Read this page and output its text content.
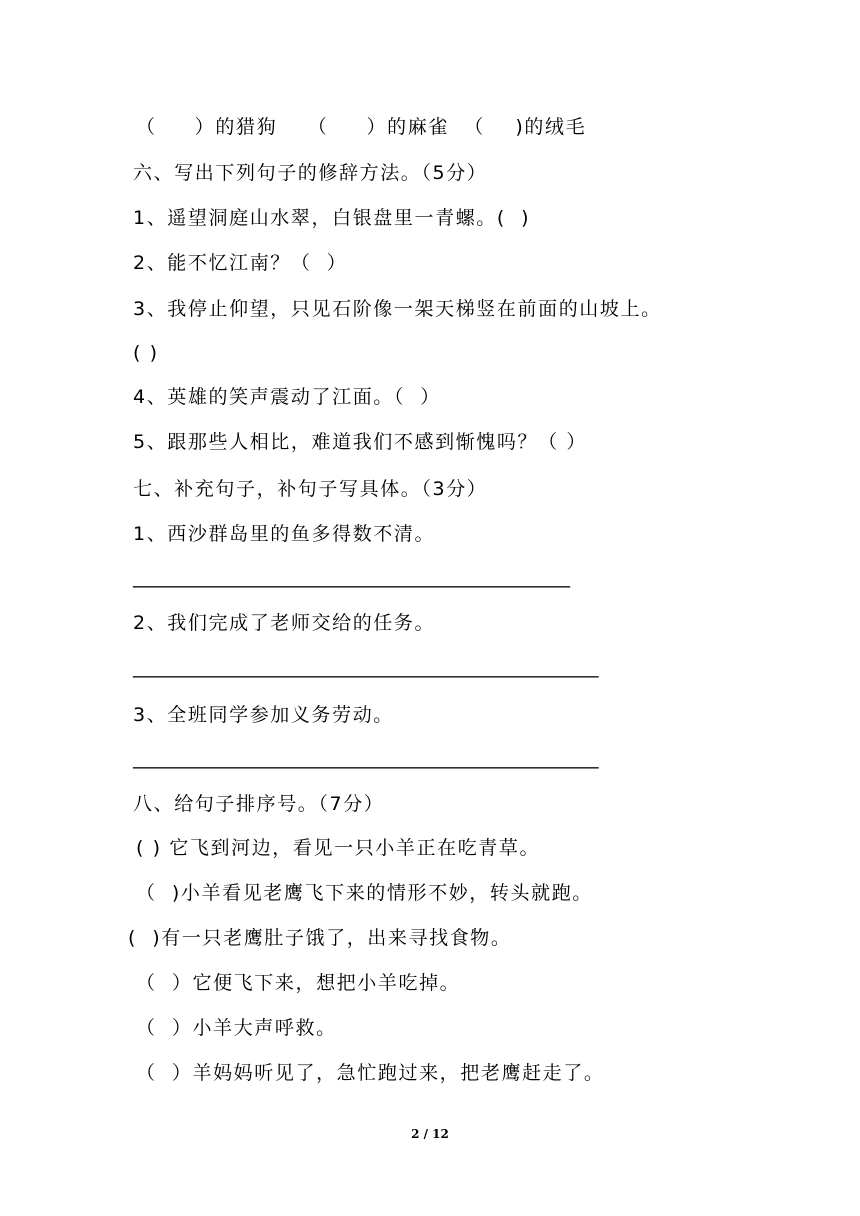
（     ）的猎狗    （     ）的麻雀  （    )的绒毛
六、写出下列句子的修辞方法。（5分）
1、遥望洞庭山水翠，白银盘里一青螺。(  )
2、能不忆江南？（  ）
3、我停止仰望，只见石阶像一架天梯竖在前面的山坡上。
( )
4、英雄的笑声震动了江面。（  ）
5、跟那些人相比，难道我们不感到惭愧吗？（ ）
七、补充句子，补句子写具体。（3分）
1、西沙群岛里的鱼多得数不清。
______________________________________________
2、我们完成了老师交给的任务。
_________________________________________________
3、全班同学参加义务劳动。
_________________________________________________
八、给句子排序号。（7分）
( ) 它飞到河边，看见一只小羊正在吃青草。
（  )小羊看见老鹰飞下来的情形不妙，转头就跑。
(  )有一只老鹰肚子饿了，出来寻找食物。
（  ）它便飞下来，想把小羊吃掉。
（  ）小羊大声呼救。
（  ）羊妈妈听见了，急忙跑过来，把老鹰赶走了。
2 / 12
